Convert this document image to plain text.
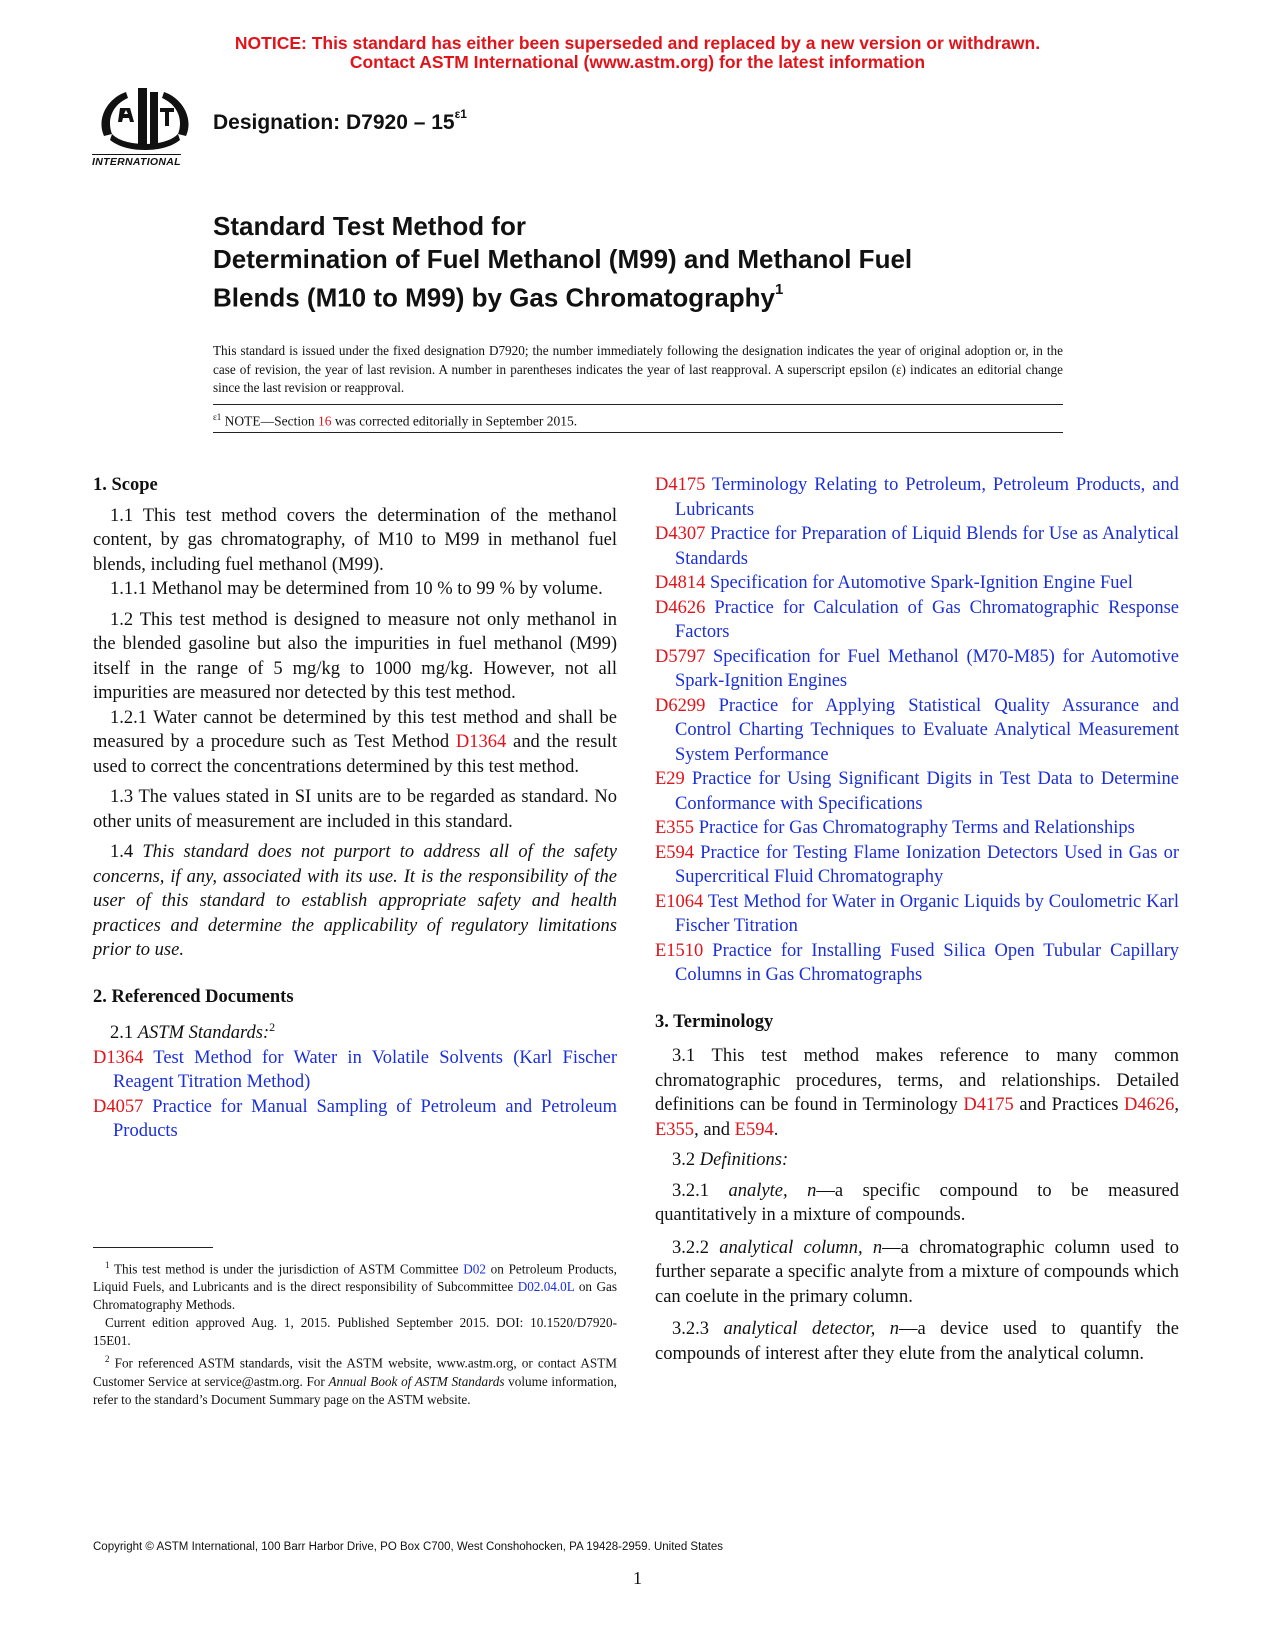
NOTICE: This standard has either been superseded and replaced by a new version or withdrawn.
Contact ASTM International (www.astm.org) for the latest information
INTERNATIONAL
Designation: $D7920 - 15^{\varepsilon 1}$
Standard Test Method for
Determination of Fuel Methanol (M99) and Methanol Fuel
Blends (M10 to M99) by Gas Chromatography$^1$
This standard is issued under the fixed designation D7920; the number immediately following the designation indicates the year of original adoption or, in the case of revision, the year of last revision. A number in parentheses indicates the year of last reapproval. A superscript epsilon (ε) indicates an editorial change since the last revision or reapproval.
$^{\varepsilon 1}$ NOTE—Section 16 was corrected editorially in September 2015.

1. Scope

1.1 This test method covers the determination of the methanol content, by gas chromatography, of M10 to M99 in methanol fuel blends, including fuel methanol (M99).

1.1.1 Methanol may be determined from 10 % to 99 % by volume.

1.2 This test method is designed to measure not only methanol in the blended gasoline but also the impurities in fuel methanol (M99) itself in the range of 5 mg/kg to 1000 mg/kg. However, not all impurities are measured nor detected by this test method.

1.2.1 Water cannot be determined by this test method and shall be measured by a procedure such as Test Method D1364 and the result used to correct the concentrations determined by this test method.

1.3 The values stated in SI units are to be regarded as standard. No other units of measurement are included in this standard.

1.4 This standard does not purport to address all of the safety concerns, if any, associated with its use. It is the responsibility of the user of this standard to establish appropriate safety and health practices and determine the applicability of regulatory limitations prior to use.

2. Referenced Documents

2.1 ASTM Standards:$^2$

D1364 Test Method for Water in Volatile Solvents (Karl Fischer Reagent Titration Method)

D4057 Practice for Manual Sampling of Petroleum and Petroleum Products

$^1$ This test method is under the jurisdiction of ASTM Committee D02 on Petroleum Products, Liquid Fuels, and Lubricants and is the direct responsibility of Subcommittee D02.04.0L on Gas Chromatography Methods.

Current edition approved Aug. 1, 2015. Published September 2015. DOI: 10.1520/D7920-15E01.

$^2$ For referenced ASTM standards, visit the ASTM website, www.astm.org, or contact ASTM Customer Service at service@astm.org. For Annual Book of ASTM Standards volume information, refer to the standard’s Document Summary page on the ASTM website.

D4175 Terminology Relating to Petroleum, Petroleum Products, and Lubricants

D4307 Practice for Preparation of Liquid Blends for Use as Analytical Standards

D4814 Specification for Automotive Spark-Ignition Engine Fuel

D4626 Practice for Calculation of Gas Chromatographic Response Factors

D5797 Specification for Fuel Methanol (M70-M85) for Automotive Spark-Ignition Engines

D6299 Practice for Applying Statistical Quality Assurance and Control Charting Techniques to Evaluate Analytical Measurement System Performance

E29 Practice for Using Significant Digits in Test Data to Determine Conformance with Specifications

E355 Practice for Gas Chromatography Terms and Relationships

E594 Practice for Testing Flame Ionization Detectors Used in Gas or Supercritical Fluid Chromatography

E1064 Test Method for Water in Organic Liquids by Coulometric Karl Fischer Titration

E1510 Practice for Installing Fused Silica Open Tubular Capillary Columns in Gas Chromatographs

3. Terminology

3.1 This test method makes reference to many common chromatographic procedures, terms, and relationships. Detailed definitions can be found in Terminology D4175 and Practices D4626, E355, and E594.

3.2 Definitions:

3.2.1 analyte, n—a specific compound to be measured quantitatively in a mixture of compounds.

3.2.2 analytical column, n—a chromatographic column used to further separate a specific analyte from a mixture of compounds which can coelute in the primary column.

3.2.3 analytical detector, n—a device used to quantify the compounds of interest after they elute from the analytical column.

Copyright © ASTM International, 100 Barr Harbor Drive, PO Box C700, West Conshohocken, PA 19428-2959. United States
1
